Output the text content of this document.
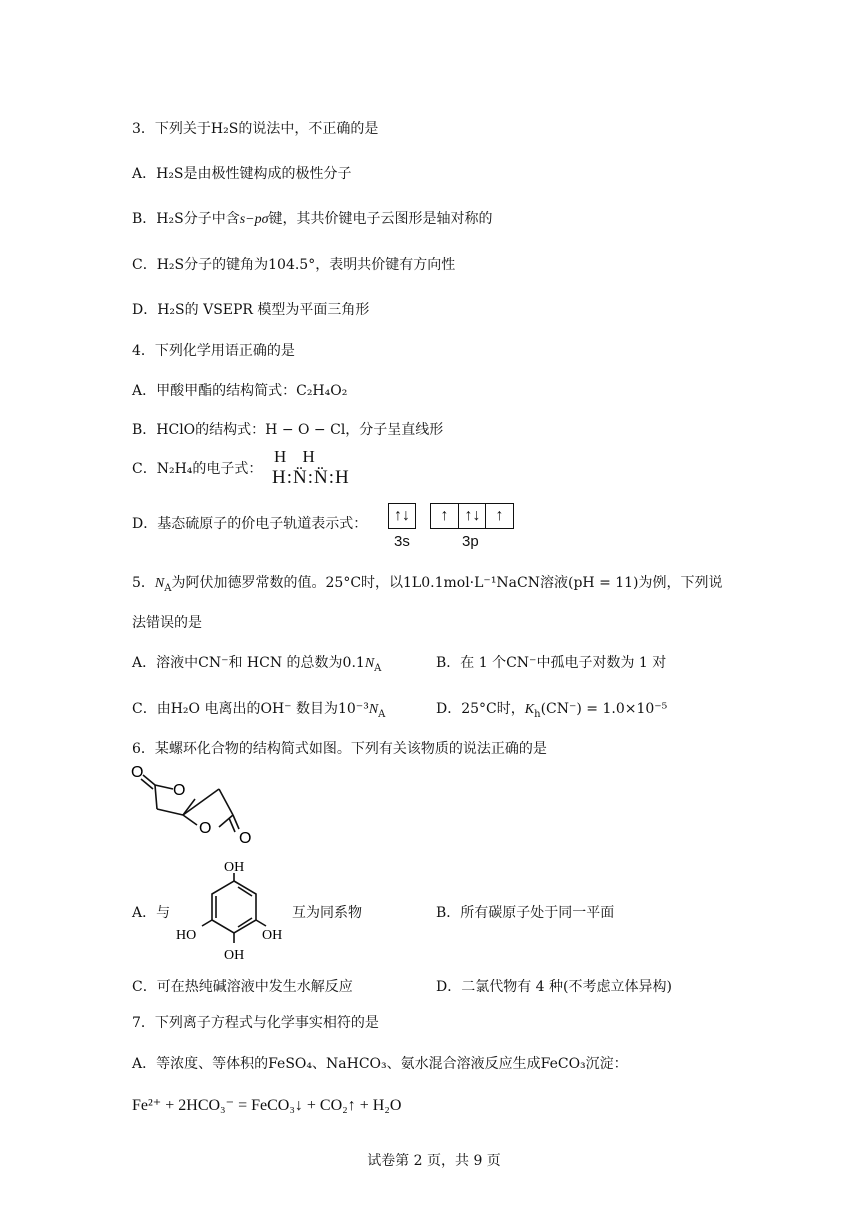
3．下列关于H₂S的说法中，不正确的是
A．H₂S是由极性键构成的极性分子
B．H₂S分子中含s−pσ键，其共价键电子云图形是轴对称的
C．H₂S分子的键角为104.5°，表明共价键有方向性
D．H₂S的 VSEPR 模型为平面三角形
4．下列化学用语正确的是
A．甲酸甲酯的结构简式：C₂H₄O₂
B．HClO的结构式：H − O − Cl，分子呈直线形
C．N₂H₄的电子式：
H H
H:N̈:N̈:H
D．基态硫原子的价电子轨道表示式：	↑↓	↑	↑↓ ↑
3s	3p
5．$N_A$为阿伏加德罗常数的值。25°C时，以1L0.1mol·L⁻¹NaCN溶液(pH = 11)为例，下列说
法错误的是
A．溶液中CN⁻和 HCN 的总数为$0.1N_A$	B．在 1 个CN⁻中孤电子对数为 1 对
C．由H₂O 电离出的OH⁻ 数目为$10^{-3}N_A$	D．25°C时，$K_h(CN^-) = 1.0\times 10^{-5}$
6．某螺环化合物的结构简式如图。下列有关该物质的说法正确的是
O
O
O
O
A．与
OH
HO	OH
OH
互为同系物	B．所有碳原子处于同一平面
C．可在热纯碱溶液中发生水解反应	D．二氯代物有 4 种(不考虑立体异构)
7．下列离子方程式与化学事实相符的是
A．等浓度、等体积的FeSO₄、NaHCO₃、氨水混合溶液反应生成FeCO₃沉淀：
Fe²⁺ + 2HCO₃⁻ = FeCO₃↓ + CO₂↑ + H₂O
试卷第 2 页，共 9 页
